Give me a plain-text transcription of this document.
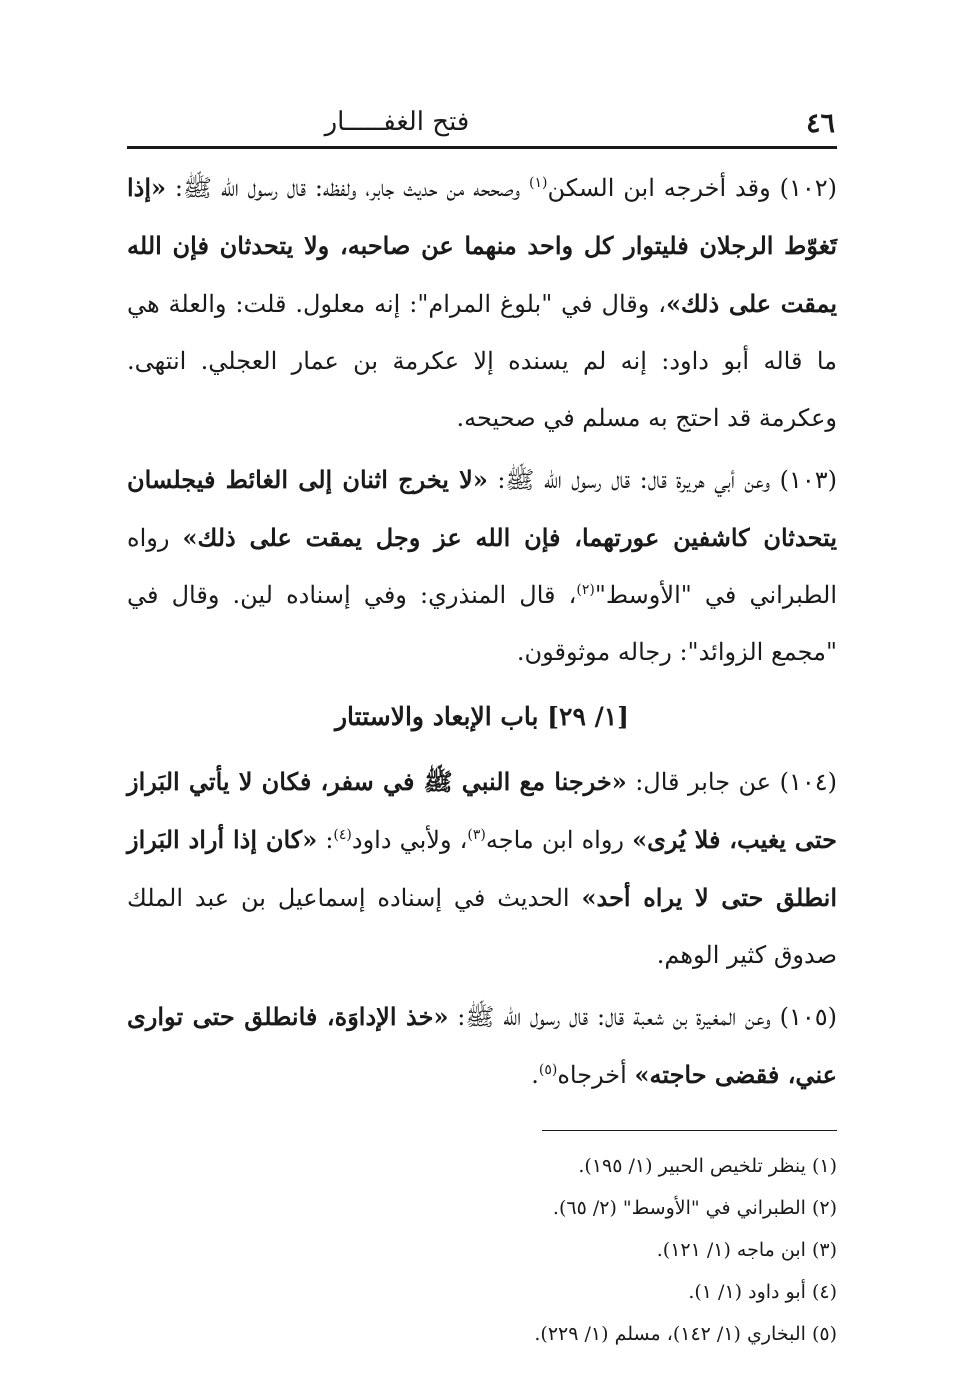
٤٦
فتح الغفـــــار

(١٠٢) وقد أخرجه ابن السكن$^{(١)}$ وصححه من حديث جابر، ولفظه: قال رسول الله ﷺ: «إذا تَغوّط الرجلان فليتوار كل واحد منهما عن صاحبه، ولا يتحدثان فإن الله يمقت على ذلك»، وقال في "بلوغ المرام": إنه معلول. قلت: والعلة هي ما قاله أبو داود: إنه لم يسنده إلا عكرمة بن عمار العجلي. انتهى. وعكرمة قد احتج به مسلم في صحيحه.

(١٠٣) وعن أبي هريرة قال: قال رسول الله ﷺ: «لا يخرج اثنان إلى الغائط فيجلسان يتحدثان كاشفين عورتهما، فإن الله عز وجل يمقت على ذلك» رواه الطبراني في "الأوسط"$^{(٢)}$، قال المنذري: وفي إسناده لين. وقال في "مجمع الزوائد": رجاله موثوقون.

[١/ ٢٩] باب الإبعاد والاستتار

(١٠٤) عن جابر قال: «خرجنا مع النبي ﷺ في سفر، فكان لا يأتي البَراز حتى يغيب، فلا يُرى» رواه ابن ماجه$^{(٣)}$، ولأبي داود$^{(٤)}$: «كان إذا أراد البَراز انطلق حتى لا يراه أحد» الحديث في إسناده إسماعيل بن عبد الملك صدوق كثير الوهم.

(١٠٥) وعن المغيرة بن شعبة قال: قال رسول الله ﷺ: «خذ الإداوَة، فانطلق حتى توارى عني، فقضى حاجته» أخرجاه$^{(٥)}$.

(١) ينظر تلخيص الحبير (١/ ١٩٥).

(٢) الطبراني في "الأوسط" (٢/ ٦٥).

(٣) ابن ماجه (١/ ١٢١).

(٤) أبو داود (١/ ١).

(٥) البخاري (١/ ١٤٢)، مسلم (١/ ٢٢٩).
